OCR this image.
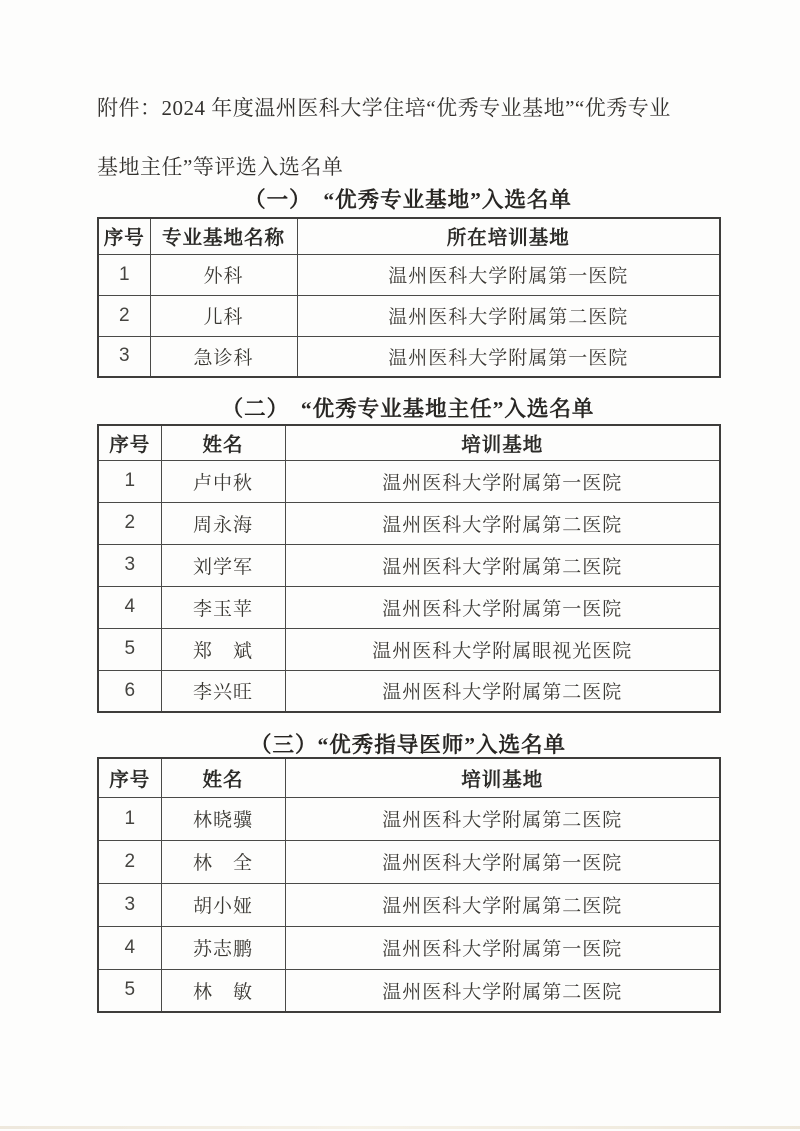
附件：2024 年度温州医科大学住培“优秀专业基地”“优秀专业
基地主任”等评选入选名单
（一）　“优秀专业基地”入选名单
序号	专业基地名称	所在培训基地
1	外科	温州医科大学附属第一医院
2	儿科	温州医科大学附属第二医院
3	急诊科	温州医科大学附属第一医院
（二）　“优秀专业基地主任”入选名单
序号	姓名	培训基地
1	卢中秋	温州医科大学附属第一医院
2	周永海	温州医科大学附属第二医院
3	刘学军	温州医科大学附属第二医院
4	李玉苹	温州医科大学附属第一医院
5	郑　斌	温州医科大学附属眼视光医院
6	李兴旺	温州医科大学附属第二医院
（三）“优秀指导医师”入选名单
序号	姓名	培训基地
1	林晓骥	温州医科大学附属第二医院
2	林　全	温州医科大学附属第一医院
3	胡小娅	温州医科大学附属第二医院
4	苏志鹏	温州医科大学附属第一医院
5	林　敏	温州医科大学附属第二医院
